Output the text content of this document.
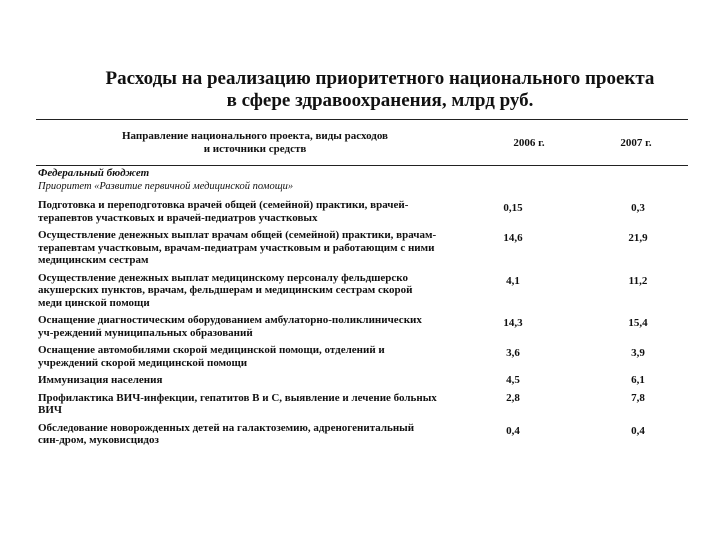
Расходы на реализацию приоритетного национального проекта
в сфере здравоохранения, млрд руб.
Направление национального проекта, виды расходов
и источники средств	2006 г.	2007 г.
Федеральный бюджет
Приоритет «Развитие первичной медицинской помощи»
Подготовка и переподготовка врачей общей (семейной) практики, врачей-терапевтов участковых и врачей-педиатров участковых
0,15	0,3
Осуществление денежных выплат врачам общей (семейной) практики, врачам-терапевтам участковым, врачам-педиатрам участковым и работающим с ними медицинским сестрам
14,6	21,9
Осуществление денежных выплат медицинскому персоналу фельдшерско акушерских пунктов, врачам, фельдшерам и медицинским сестрам скорой меди цинской помощи
4,1	11,2
Оснащение диагностическим оборудованием амбулаторно-поликлинических уч-реждений муниципальных образований
14,3	15,4
Оснащение автомобилями скорой медицинской помощи, отделений и учреждений скорой медицинской помощи
3,6	3,9
Иммунизация населения	4,5	6,1
Профилактика ВИЧ-инфекции, гепатитов В и С, выявление и лечение больных ВИЧ
2,8	7,8
Обследование новорожденных детей на галактоземию, адреногенитальный син-дром, муковисцидоз
0,4	0,4
